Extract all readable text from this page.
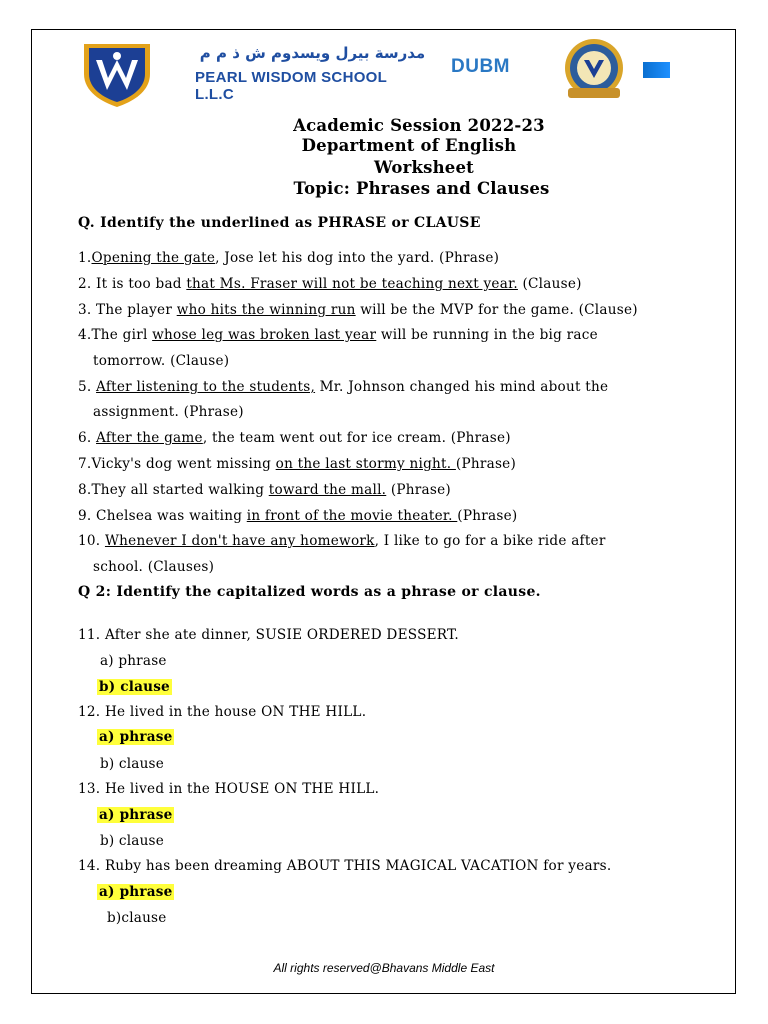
مدرسة بيرل ويسدوم ش ذ م م
PEARL WISDOM SCHOOL L.L.C
DUBM
Academic Session 2022-23
Department of English
Worksheet
Topic: Phrases and Clauses
Q. Identify the underlined as PHRASE or CLAUSE
1.Opening the gate, Jose let his dog into the yard. (Phrase)
2. It is too bad that Ms. Fraser will not be teaching next year. (Clause)
3. The player who hits the winning run will be the MVP for the game. (Clause)
4.The girl whose leg was broken last year will be running in the big race
tomorrow. (Clause)
5. After listening to the students, Mr. Johnson changed his mind about the
assignment. (Phrase)
6. After the game, the team went out for ice cream. (Phrase)
7.Vicky's dog went missing on the last stormy night. (Phrase)
8.They all started walking toward the mall. (Phrase)
9. Chelsea was waiting in front of the movie theater. (Phrase)
10. Whenever I don't have any homework, I like to go for a bike ride after
school. (Clauses)
Q 2: Identify the capitalized words as a phrase or clause.
11. After she ate dinner, SUSIE ORDERED DESSERT.
a) phrase
b) clause
12. He lived in the house ON THE HILL.
a) phrase
b) clause
13. He lived in the HOUSE ON THE HILL.
a) phrase
b) clause
14. Ruby has been dreaming ABOUT THIS MAGICAL VACATION for years.
a) phrase
b)clause
All rights reserved@Bhavans Middle East
